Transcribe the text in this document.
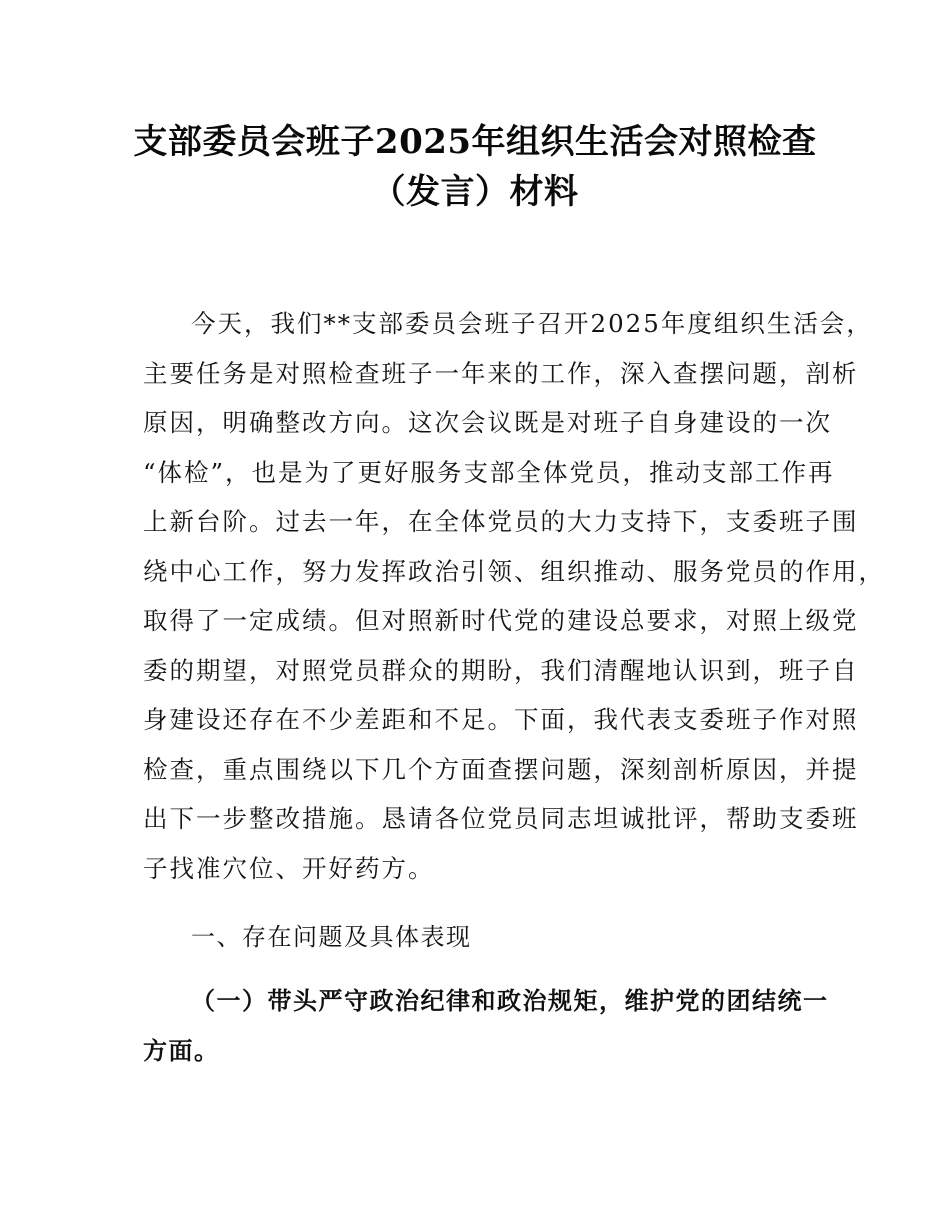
支部委员会班子2025年组织生活会对照检查
（发言）材料
今天，我们**支部委员会班子召开2025年度组织生活会，
主要任务是对照检查班子一年来的工作，深入查摆问题，剖析
原因，明确整改方向。这次会议既是对班子自身建设的一次
“体检”，也是为了更好服务支部全体党员，推动支部工作再
上新台阶。过去一年，在全体党员的大力支持下，支委班子围
绕中心工作，努力发挥政治引领、组织推动、服务党员的作用，
取得了一定成绩。但对照新时代党的建设总要求，对照上级党
委的期望，对照党员群众的期盼，我们清醒地认识到，班子自
身建设还存在不少差距和不足。下面，我代表支委班子作对照
检查，重点围绕以下几个方面查摆问题，深刻剖析原因，并提
出下一步整改措施。恳请各位党员同志坦诚批评，帮助支委班
子找准穴位、开好药方。
一、存在问题及具体表现
（一）带头严守政治纪律和政治规矩，维护党的团结统一
方面。
